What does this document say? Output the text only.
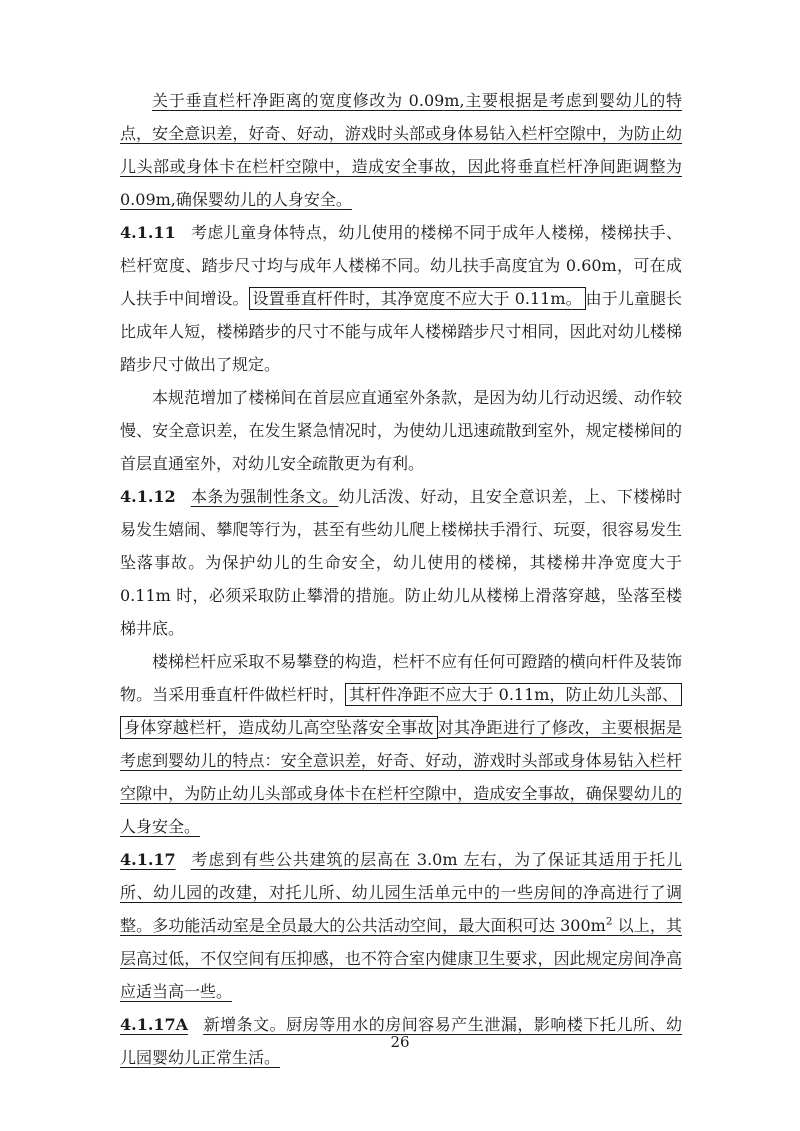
关于垂直栏杆净距离的宽度修改为 0.09m,主要根据是考虑到婴幼儿的特点，安全意识差，好奇、好动，游戏时头部或身体易钻入栏杆空隙中，为防止幼儿头部或身体卡在栏杆空隙中，造成安全事故，因此将垂直栏杆净间距调整为 0.09m,确保婴幼儿的人身安全。

4.1.11 考虑儿童身体特点，幼儿使用的楼梯不同于成年人楼梯，楼梯扶手、栏杆宽度、踏步尺寸均与成年人楼梯不同。幼儿扶手高度宜为 0.60m，可在成人扶手中间增设。 设置垂直杆件时，其净宽度不应大于 0.11m。 由于儿童腿长比成年人短，楼梯踏步的尺寸不能与成年人楼梯踏步尺寸相同，因此对幼儿楼梯踏步尺寸做出了规定。

本规范增加了楼梯间在首层应直通室外条款，是因为幼儿行动迟缓、动作较慢、安全意识差，在发生紧急情况时，为使幼儿迅速疏散到室外，规定楼梯间的首层直通室外，对幼儿安全疏散更为有利。

4.1.12 本条为强制性条文。幼儿活泼、好动，且安全意识差，上、下楼梯时易发生嬉闹、攀爬等行为，甚至有些幼儿爬上楼梯扶手滑行、玩耍，很容易发生坠落事故。为保护幼儿的生命安全，幼儿使用的楼梯，其楼梯井净宽度大于 0.11m 时，必须采取防止攀滑的措施。防止幼儿从楼梯上滑落穿越，坠落至楼梯井底。

楼梯栏杆应采取不易攀登的构造，栏杆不应有任何可蹬踏的横向杆件及装饰物。当采用垂直杆件做栏杆时， 其杆件净距不应大于 0.11m，防止幼儿头部、身体穿越栏杆，造成幼儿高空坠落安全事故 对其净距进行了修改，主要根据是考虑到婴幼儿的特点：安全意识差，好奇、好动，游戏时头部或身体易钻入栏杆空隙中，为防止幼儿头部或身体卡在栏杆空隙中，造成安全事故，确保婴幼儿的人身安全。

4.1.17 考虑到有些公共建筑的层高在 3.0m 左右，为了保证其适用于托儿所、幼儿园的改建，对托儿所、幼儿园生活单元中的一些房间的净高进行了调整。多功能活动室是全员最大的公共活动空间，最大面积可达 $300m^2$ 以上，其层高过低，不仅空间有压抑感，也不符合室内健康卫生要求，因此规定房间净高应适当高一些。

4.1.17A 新增条文。厨房等用水的房间容易产生泄漏，影响楼下托儿所、幼儿园婴幼儿正常生活。

26
